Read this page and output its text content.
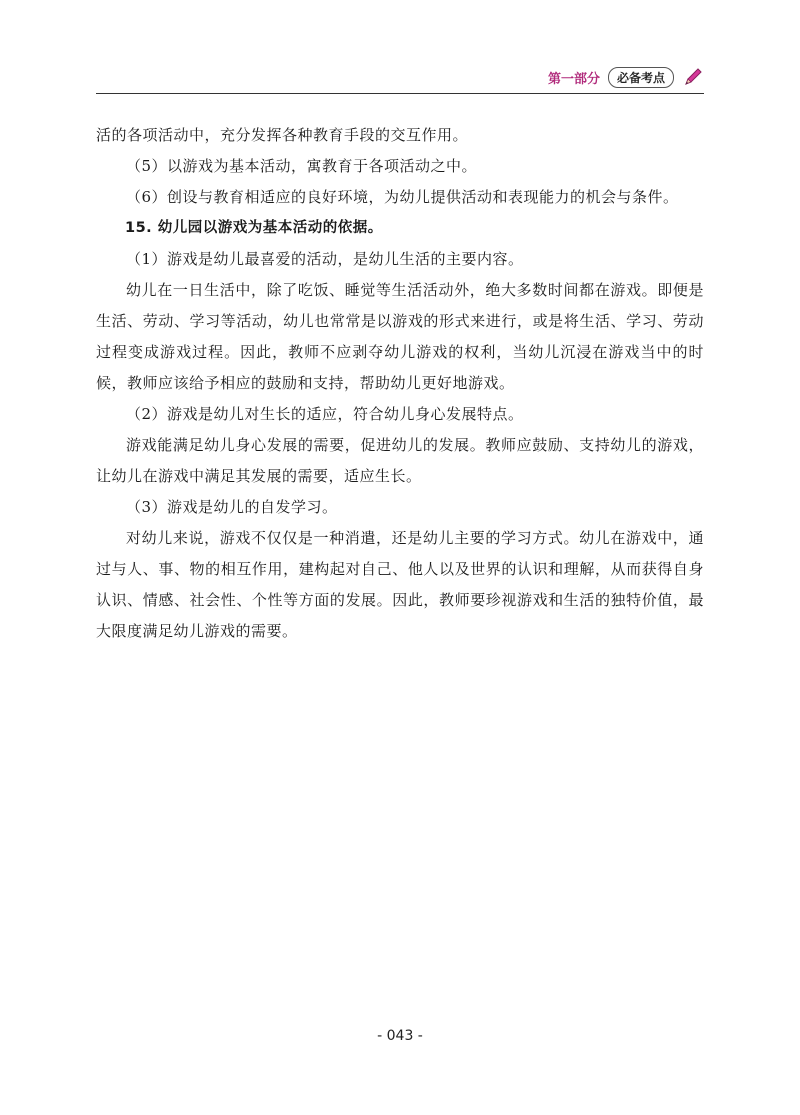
第一部分	必备考点

活的各项活动中，充分发挥各种教育手段的交互作用。

（5）以游戏为基本活动，寓教育于各项活动之中。

（6）创设与教育相适应的良好环境，为幼儿提供活动和表现能力的机会与条件。

15. 幼儿园以游戏为基本活动的依据。

（1）游戏是幼儿最喜爱的活动，是幼儿生活的主要内容。

幼儿在一日生活中，除了吃饭、睡觉等生活活动外，绝大多数时间都在游戏。即便是生活、劳动、学习等活动，幼儿也常常是以游戏的形式来进行，或是将生活、学习、劳动过程变成游戏过程。因此，教师不应剥夺幼儿游戏的权利，当幼儿沉浸在游戏当中的时候，教师应该给予相应的鼓励和支持，帮助幼儿更好地游戏。

（2）游戏是幼儿对生长的适应，符合幼儿身心发展特点。

游戏能满足幼儿身心发展的需要，促进幼儿的发展。教师应鼓励、支持幼儿的游戏，让幼儿在游戏中满足其发展的需要，适应生长。

（3）游戏是幼儿的自发学习。

对幼儿来说，游戏不仅仅是一种消遣，还是幼儿主要的学习方式。幼儿在游戏中，通过与人、事、物的相互作用，建构起对自己、他人以及世界的认识和理解，从而获得自身认识、情感、社会性、个性等方面的发展。因此，教师要珍视游戏和生活的独特价值，最大限度满足幼儿游戏的需要。

- 043 -
